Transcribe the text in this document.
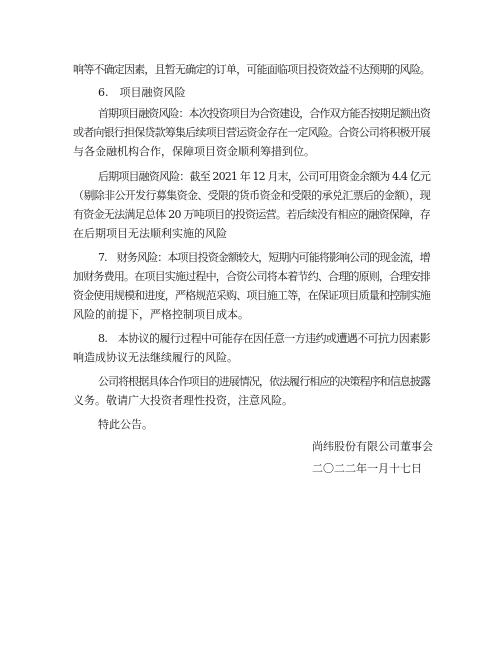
响等不确定因素，且暂无确定的订单，可能面临项目投资效益不达预期的风险。
6.　项目融资风险
首期项目融资风险：本次投资项目为合资建设，合作双方能否按期足额出资
或者向银行担保贷款筹集后续项目营运资金存在一定风险。合资公司将积极开展
与各金融机构合作，保障项目资金顺利筹措到位。
后期项目融资风险：截至 2021 年 12 月末，公司可用资金余额为 4.4 亿元
（剔除非公开发行募集资金、受限的货币资金和受限的承兑汇票后的金额），现
有资金无法满足总体 20 万吨项目的投资运营。若后续没有相应的融资保障，存
在后期项目无法顺利实施的风险
7.　财务风险：本项目投资金额较大，短期内可能将影响公司的现金流，增
加财务费用。在项目实施过程中，合资公司将本着节约、合理的原则，合理安排
资金使用规模和进度，严格规范采购、项目施工等，在保证项目质量和控制实施
风险的前提下，严格控制项目成本。
8.　本协议的履行过程中可能存在因任意一方违约或遭遇不可抗力因素影
响造成协议无法继续履行的风险。
公司将根据具体合作项目的进展情况，依法履行相应的决策程序和信息披露
义务。敬请广大投资者理性投资，注意风险。
特此公告。
尚纬股份有限公司董事会
二〇二二年一月十七日
